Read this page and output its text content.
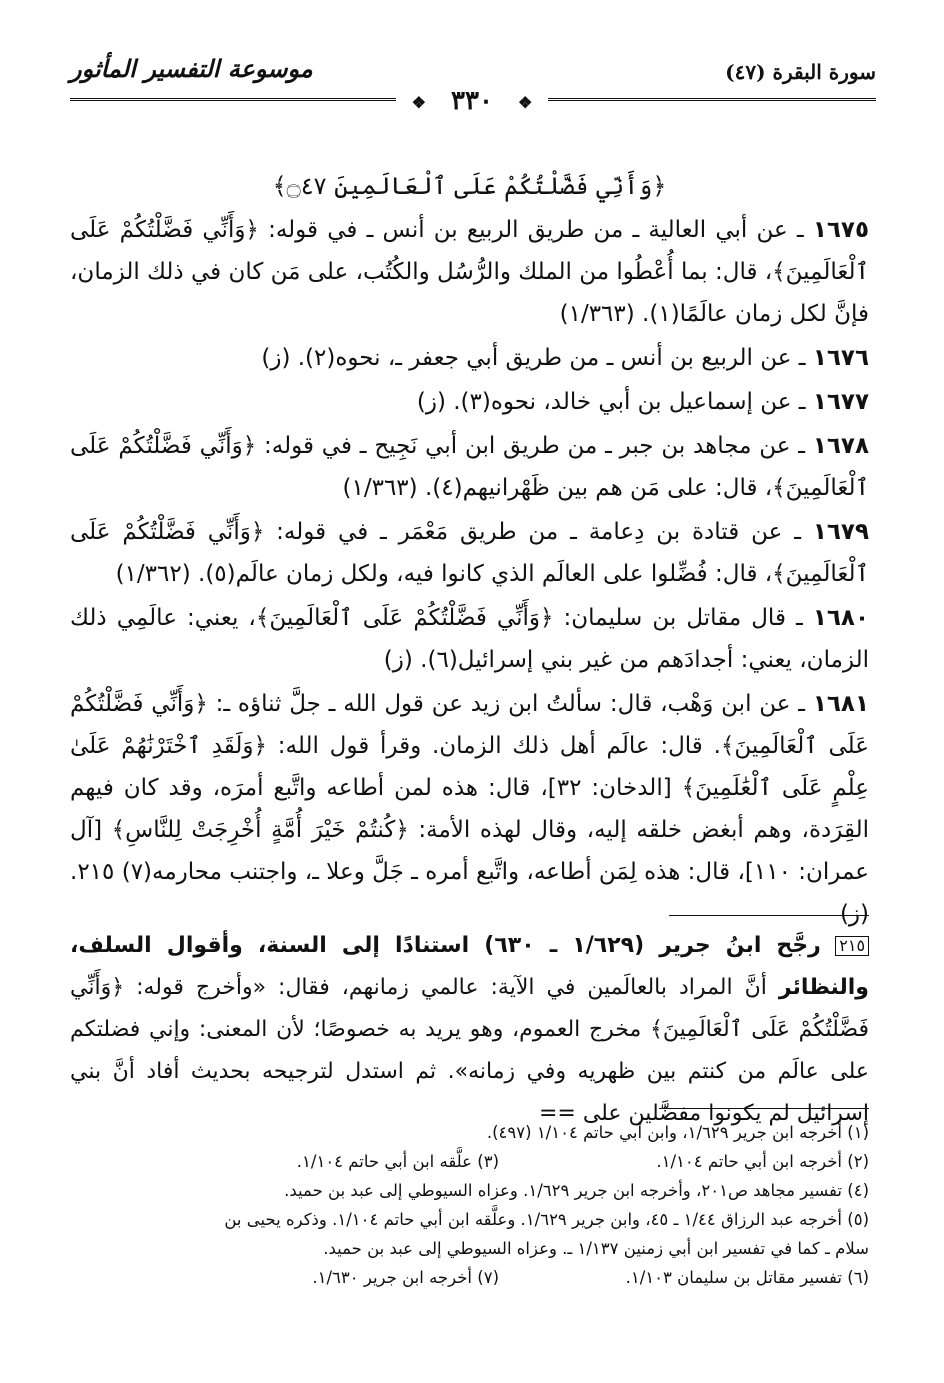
سورة البقرة (٤٧)
موسوعة التفسير المأثور
❖ ٣٣٠ ❖
﴿وَأَنِّي فَضَّلْتُكُمْ عَلَى ٱلْعَالَمِينَ ۝٤٧﴾

١٦٧٥ ـ عن أبي العالية ـ من طريق الربيع بن أنس ـ في قوله: ﴿وَأَنِّي فَضَّلْتُكُمْ عَلَى ٱلْعَالَمِينَ﴾، قال: بما أُعْطُوا من الملك والرُّسُل والكُتُب، على مَن كان في ذلك الزمان، فإنَّ لكل زمان عالَمًا(١). (١/٣٦٣)

١٦٧٦ ـ عن الربيع بن أنس ـ من طريق أبي جعفر ـ، نحوه(٢). (ز)

١٦٧٧ ـ عن إسماعيل بن أبي خالد، نحوه(٣). (ز)

١٦٧٨ ـ عن مجاهد بن جبر ـ من طريق ابن أبي نَجِيح ـ في قوله: ﴿وَأَنِّي فَضَّلْتُكُمْ عَلَى ٱلْعَالَمِينَ﴾، قال: على مَن هم بين ظَهْرانيهم(٤). (١/٣٦٣)

١٦٧٩ ـ عن قتادة بن دِعامة ـ من طريق مَعْمَر ـ في قوله: ﴿وَأَنِّي فَضَّلْتُكُمْ عَلَى ٱلْعَالَمِينَ﴾، قال: فُضِّلوا على العالَم الذي كانوا فيه، ولكل زمان عالَم(٥). (١/٣٦٢)

١٦٨٠ ـ قال مقاتل بن سليمان: ﴿وَأَنِّي فَضَّلْتُكُمْ عَلَى ٱلْعَالَمِينَ﴾، يعني: عالَمِي ذلك الزمان، يعني: أجدادَهم من غير بني إسرائيل(٦). (ز)

١٦٨١ ـ عن ابن وَهْب، قال: سألتُ ابن زيد عن قول الله ـ جلَّ ثناؤه ـ: ﴿وَأَنِّي فَضَّلْتُكُمْ عَلَى ٱلْعَالَمِينَ﴾. قال: عالَم أهل ذلك الزمان. وقرأ قول الله: ﴿وَلَقَدِ ٱخْتَرْنَٰهُمْ عَلَىٰ عِلْمٍ عَلَى ٱلْعَٰلَمِينَ﴾ [الدخان: ٣٢]، قال: هذه لمن أطاعه واتَّبع أمرَه، وقد كان فيهم القِرَدة، وهم أبغض خلقه إليه، وقال لهذه الأمة: ﴿كُنتُمْ خَيْرَ أُمَّةٍ أُخْرِجَتْ لِلنَّاسِ﴾ [آل عمران: ١١٠]، قال: هذه لِمَن أطاعه، واتَّبع أمره ـ جَلَّ وعلا ـ، واجتنب محارمه(٧) ٢١٥. (ز)

٢١٥ رجَّح ابنُ جرير (١/٦٢٩ ـ ٦٣٠) استنادًا إلى السنة، وأقوال السلف، والنظائر أنَّ المراد بالعالَمين في الآية: عالمي زمانهم، فقال: «وأخرج قوله: ﴿وَأَنِّي فَضَّلْتُكُمْ عَلَى ٱلْعَالَمِينَ﴾ مخرج العموم، وهو يريد به خصوصًا؛ لأن المعنى: وإني فضلتكم على عالَم من كنتم بين ظهريه وفي زمانه». ثم استدل لترجيحه بحديث أفاد أنَّ بني إسرائيل لم يكونوا مفضَّلين على ==
(١) أخرجه ابن جرير ١/٦٢٩، وابن أبي حاتم ١/١٠٤ (٤٩٧).
(٢) أخرجه ابن أبي حاتم ١/١٠٤.
(٣) علَّقه ابن أبي حاتم ١/١٠٤.
(٤) تفسير مجاهد ص٢٠١، وأخرجه ابن جرير ١/٦٢٩. وعزاه السيوطي إلى عبد بن حميد.
(٥) أخرجه عبد الرزاق ١/٤٤ ـ ٤٥، وابن جرير ١/٦٢٩. وعلَّقه ابن أبي حاتم ١/١٠٤. وذكره يحيى بن
سلام ـ كما في تفسير ابن أبي زمنين ١/١٣٧ ـ. وعزاه السيوطي إلى عبد بن حميد.
(٦) تفسير مقاتل بن سليمان ١/١٠٣.
(٧) أخرجه ابن جرير ١/٦٣٠.
